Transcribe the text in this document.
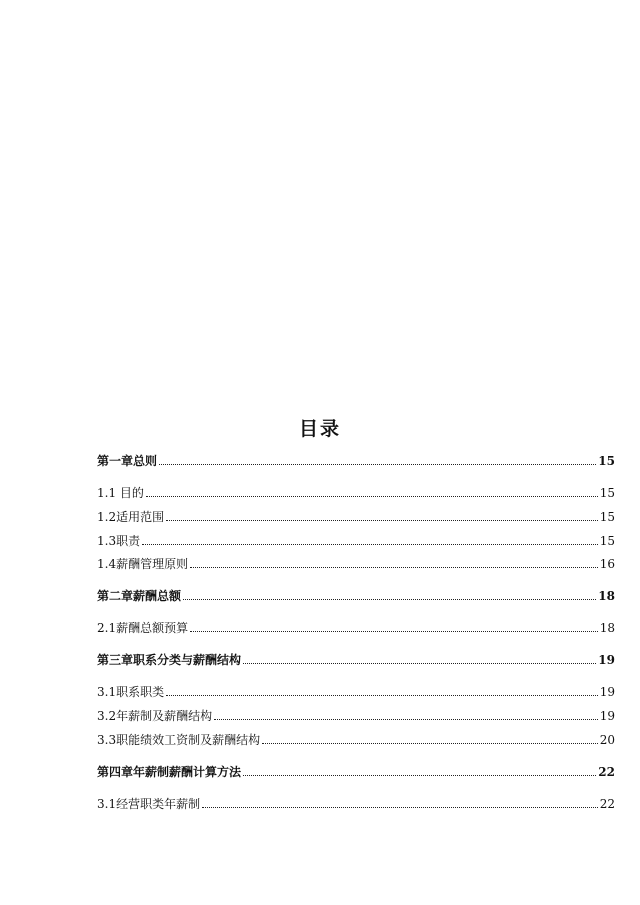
目录
第一章总则	15
1.1 目的	15
1.2适用范围	15
1.3职责	15
1.4薪酬管理原则	16
第二章薪酬总额	18
2.1薪酬总额预算	18
第三章职系分类与薪酬结构	19
3.1职系职类	19
3.2年薪制及薪酬结构	19
3.3职能绩效工资制及薪酬结构	20
第四章年薪制薪酬计算方法	22
3.1经营职类年薪制	22
